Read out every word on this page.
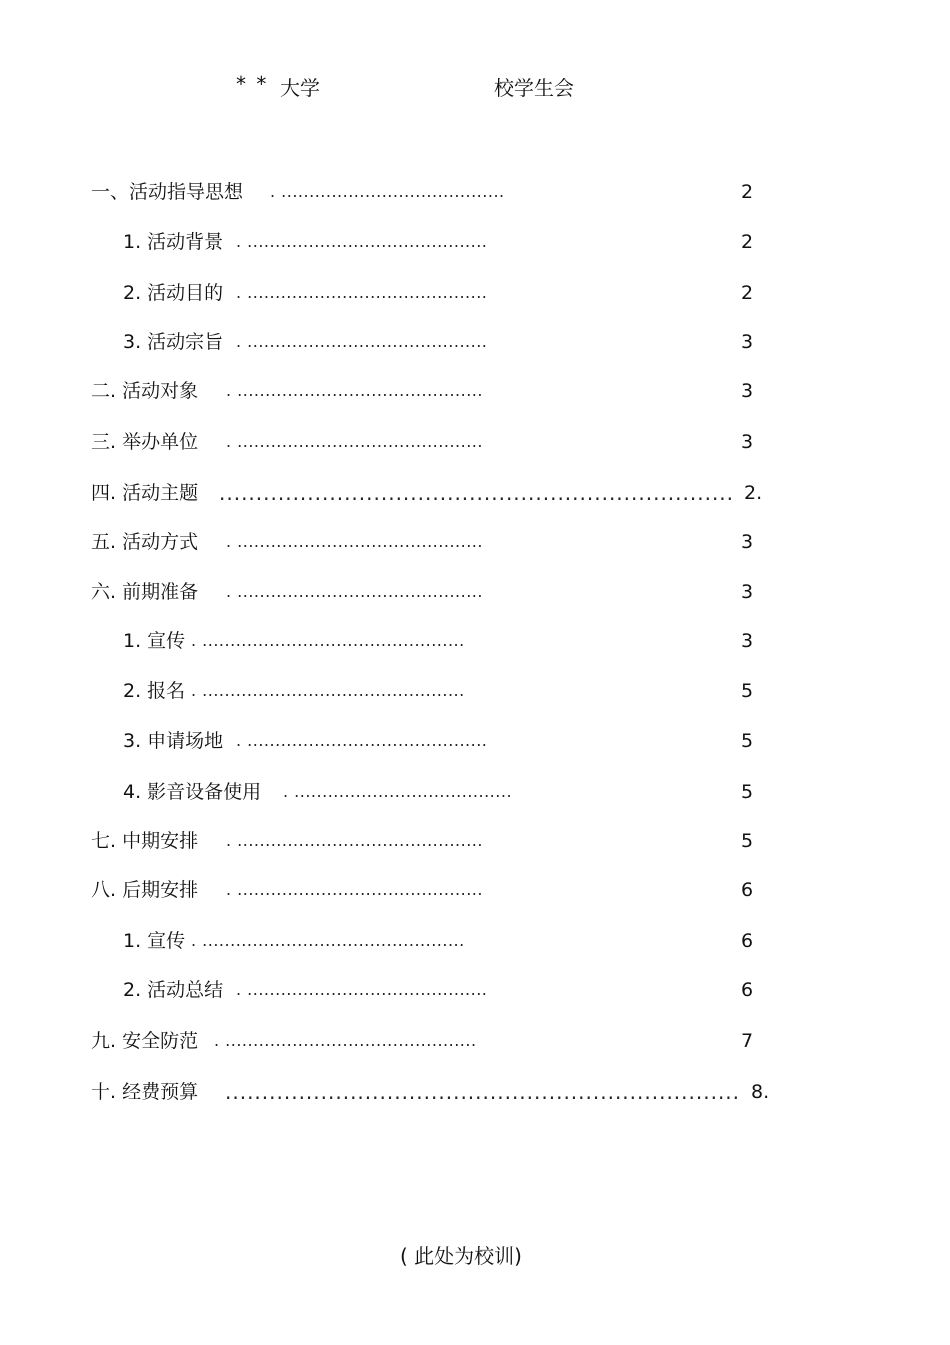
* * 大学	校学生会
一、活动指导思想 . ........................................	2
1. 活动背景 . ...........................................	2
2. 活动目的 . ...........................................	2
3. 活动宗旨 . ...........................................	3
二. 活动对象 . ............................................	3
三. 举办单位 . ............................................	3
四. 活动主题 ...................................................................... 2.
五. 活动方式 . ............................................	3
六. 前期准备 . ............................................	3
1. 宣传 . ...............................................	3
2. 报名 . ...............................................	5
3. 申请场地 . ...........................................	5
4. 影音设备使用 . .......................................	5
七. 中期安排 . ............................................	5
八. 后期安排 . ............................................	6
1. 宣传 . ...............................................	6
2. 活动总结 . ...........................................	6
九. 安全防范 . .............................................	7
十. 经费预算 ...................................................................... 8.
( 此处为校训)
